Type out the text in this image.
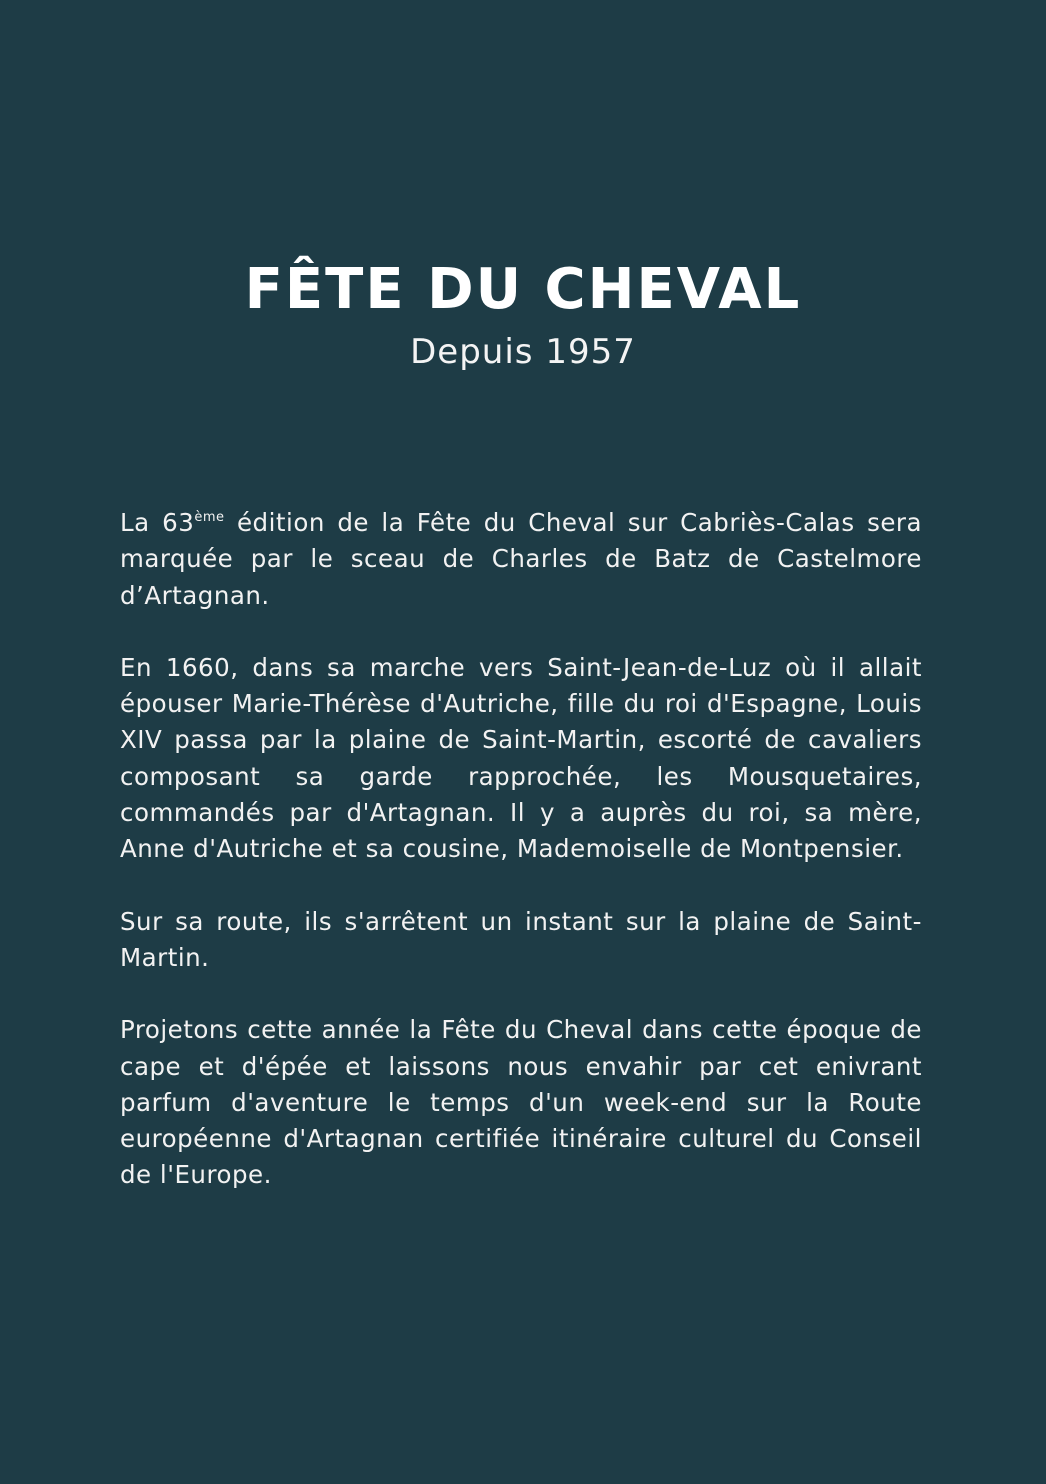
FÊTE DU CHEVAL

Depuis 1957

La 63ème édition de la Fête du Cheval sur Cabriès-Calas sera marquée par le sceau de Charles de Batz de Castelmore d’Artagnan.

En 1660, dans sa marche vers Saint-Jean-de-Luz où il allait épouser Marie-Thérèse d'Autriche, fille du roi d'Espagne, Louis XIV passa par la plaine de Saint-Martin, escorté de cavaliers composant sa garde rapprochée, les Mousquetaires, commandés par d'Artagnan. Il y a auprès du roi, sa mère, Anne d'Autriche et sa cousine, Mademoiselle de Montpensier.

Sur sa route, ils s'arrêtent un instant sur la plaine de Saint-Martin.

Projetons cette année la Fête du Cheval dans cette époque de cape et d'épée et laissons nous envahir par cet enivrant parfum d'aventure le temps d'un week-end sur la Route européenne d'Artagnan certifiée itinéraire culturel du Conseil de l'Europe.
